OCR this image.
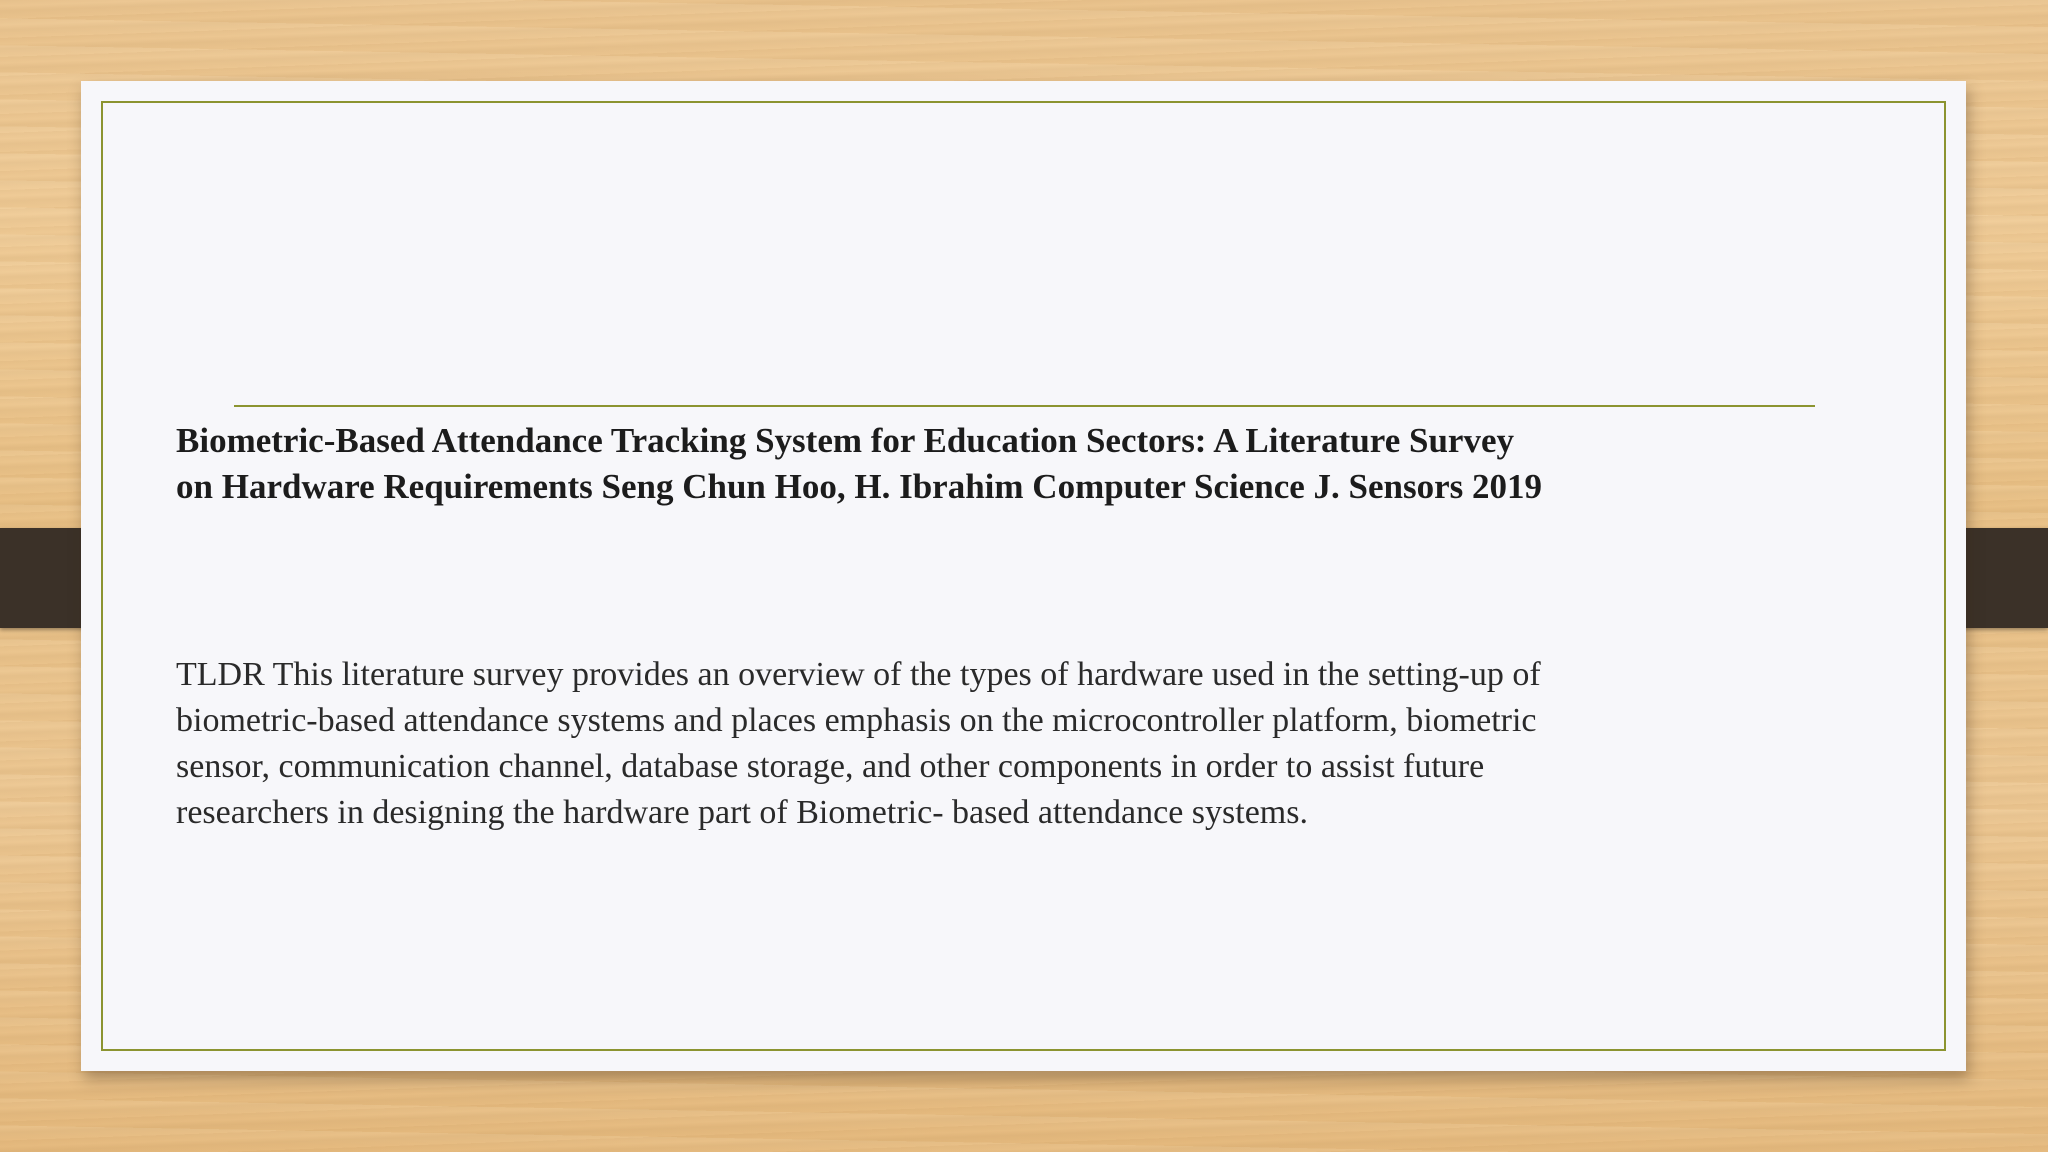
Biometric-Based Attendance Tracking System for Education Sectors: A Literature Survey on Hardware Requirements Seng Chun Hoo, H. Ibrahim Computer Science J. Sensors 2019

TLDR This literature survey provides an overview of the types of hardware used in the setting-up of biometric-based attendance systems and places emphasis on the microcontroller platform, biometric sensor, communication channel, database storage, and other components in order to assist future researchers in designing the hardware part of Biometric- based attendance systems.
